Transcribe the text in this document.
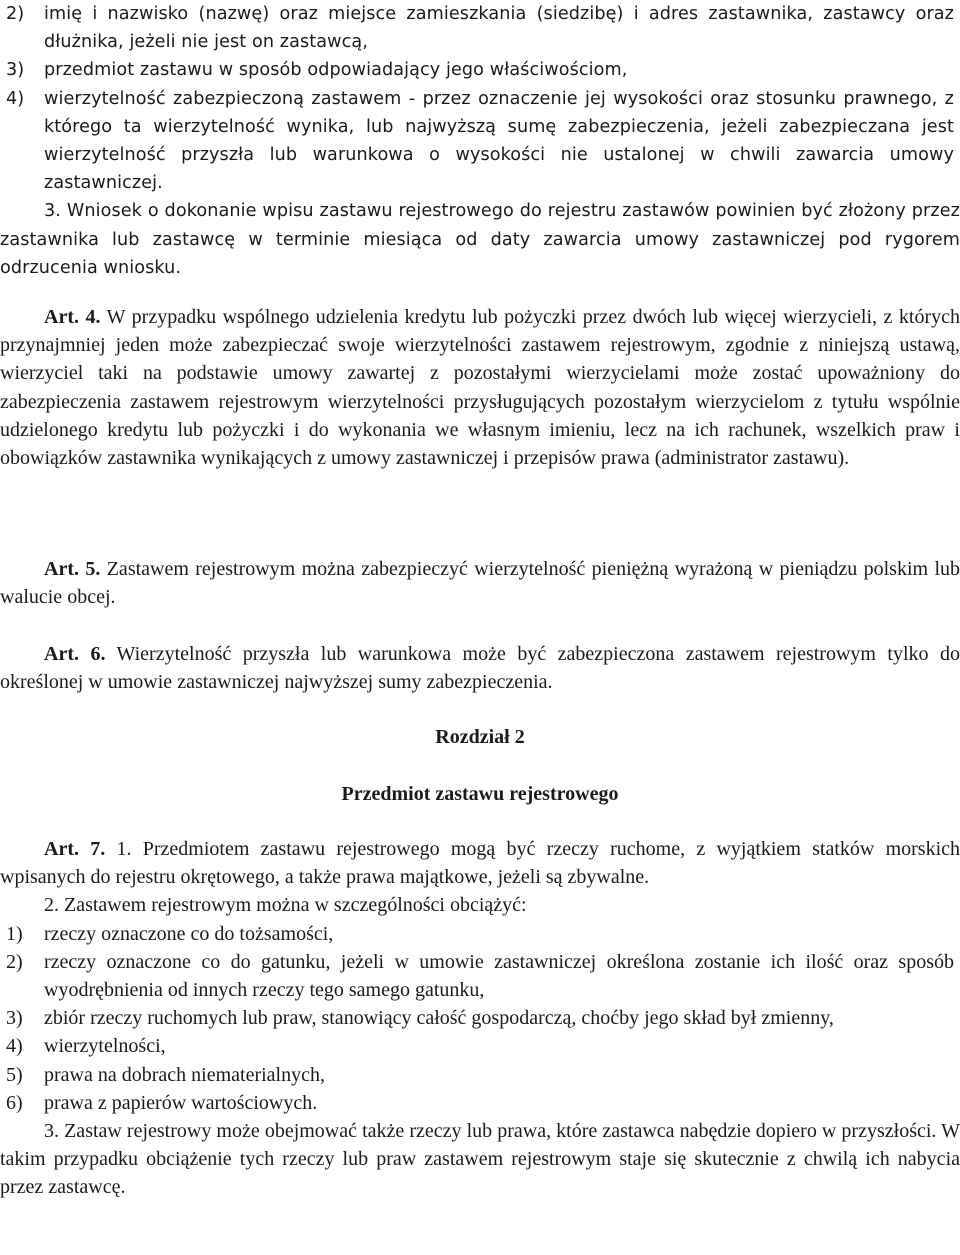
2)	imię i nazwisko (nazwę) oraz miejsce zamieszkania (siedzibę) i adres zastawnika, zastawcy oraz dłużnika, jeżeli nie jest on zastawcą,
3)	przedmiot zastawu w sposób odpowiadający jego właściwościom,
4)	wierzytelność zabezpieczoną zastawem - przez oznaczenie jej wysokości oraz stosunku prawnego, z którego ta wierzytelność wynika, lub najwyższą sumę zabezpieczenia, jeżeli zabezpieczana jest wierzytelność przyszła lub warunkowa o wysokości nie ustalonej w chwili zawarcia umowy zastawniczej.

3. Wniosek o dokonanie wpisu zastawu rejestrowego do rejestru zastawów powinien być złożony przez zastawnika lub zastawcę w terminie miesiąca od daty zawarcia umowy zastawniczej pod rygorem odrzucenia wniosku.

Art. 4. W przypadku wspólnego udzielenia kredytu lub pożyczki przez dwóch lub więcej wierzycieli, z których przynajmniej jeden może zabezpieczać swoje wierzytelności zastawem rejestrowym, zgodnie z niniejszą ustawą, wierzyciel taki na podstawie umowy zawartej z pozostałymi wierzycielami może zostać upoważniony do zabezpieczenia zastawem rejestrowym wierzytelności przysługujących pozostałym wierzycielom z tytułu wspólnie udzielonego kredytu lub pożyczki i do wykonania we własnym imieniu, lecz na ich rachunek, wszelkich praw i obowiązków zastawnika wynikających z umowy zastawniczej i przepisów prawa (administrator zastawu).

Art. 5. Zastawem rejestrowym można zabezpieczyć wierzytelność pieniężną wyrażoną w pieniądzu polskim lub walucie obcej.

Art. 6. Wierzytelność przyszła lub warunkowa może być zabezpieczona zastawem rejestrowym tylko do określonej w umowie zastawniczej najwyższej sumy zabezpieczenia.

Rozdział 2

Przedmiot zastawu rejestrowego

Art. 7. 1. Przedmiotem zastawu rejestrowego mogą być rzeczy ruchome, z wyjątkiem statków morskich wpisanych do rejestru okrętowego, a także prawa majątkowe, jeżeli są zbywalne.

2. Zastawem rejestrowym można w szczególności obciążyć:

1)	rzeczy oznaczone co do tożsamości,
2)	rzeczy oznaczone co do gatunku, jeżeli w umowie zastawniczej określona zostanie ich ilość oraz sposób wyodrębnienia od innych rzeczy tego samego gatunku,
3)	zbiór rzeczy ruchomych lub praw, stanowiący całość gospodarczą, choćby jego skład był zmienny,
4)	wierzytelności,
5)	prawa na dobrach niematerialnych,
6)	prawa z papierów wartościowych.

3. Zastaw rejestrowy może obejmować także rzeczy lub prawa, które zastawca nabędzie dopiero w przyszłości. W takim przypadku obciążenie tych rzeczy lub praw zastawem rejestrowym staje się skutecznie z chwilą ich nabycia przez zastawcę.
